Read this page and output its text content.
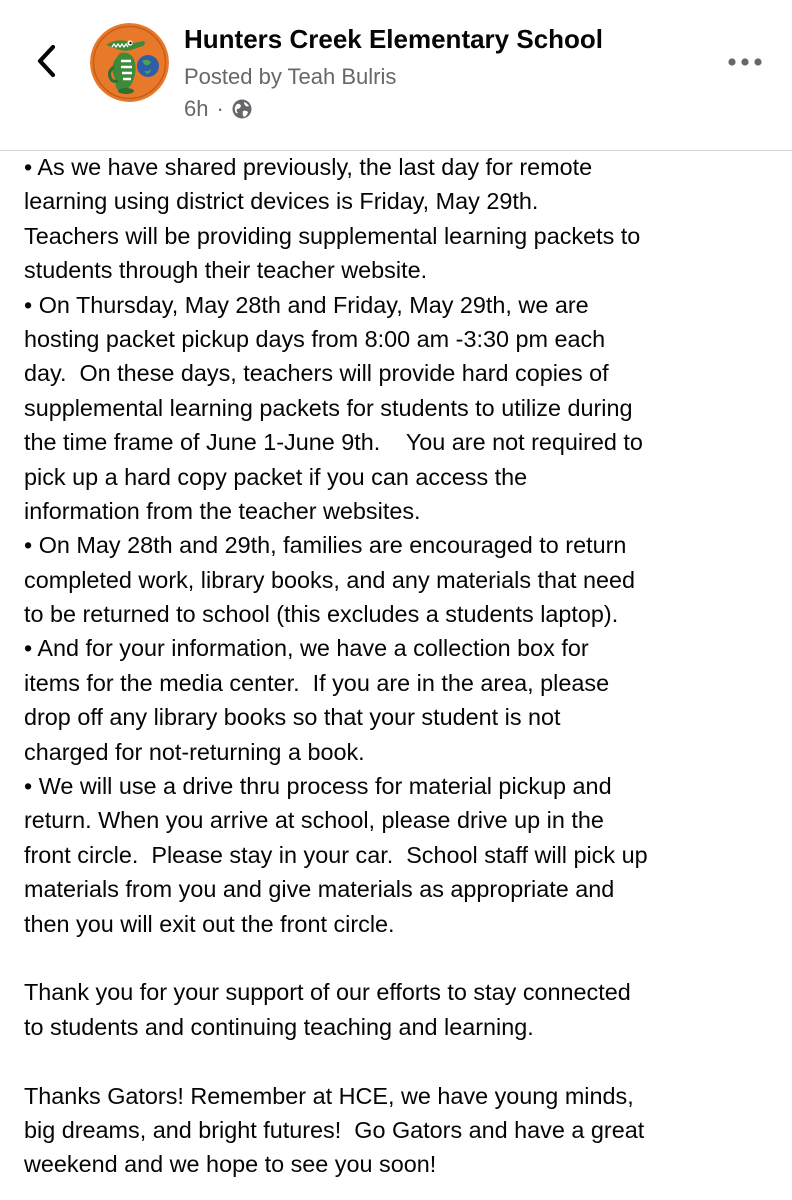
Hunters Creek Elementary School
Posted by Teah Bulris
6h ·
• As we have shared previously, the last day for remote
learning using district devices is Friday, May 29th.
Teachers will be providing supplemental learning packets to
students through their teacher website.
• On Thursday, May 28th and Friday, May 29th, we are
hosting packet pickup days from 8:00 am -3:30 pm each
day.  On these days, teachers will provide hard copies of
supplemental learning packets for students to utilize during
the time frame of June 1-June 9th.    You are not required to
pick up a hard copy packet if you can access the
information from the teacher websites.
• On May 28th and 29th, families are encouraged to return
completed work, library books, and any materials that need
to be returned to school (this excludes a students laptop).
• And for your information, we have a collection box for
items for the media center.  If you are in the area, please
drop off any library books so that your student is not
charged for not-returning a book.
• We will use a drive thru process for material pickup and
return. When you arrive at school, please drive up in the
front circle.  Please stay in your car.  School staff will pick up
materials from you and give materials as appropriate and
then you will exit out the front circle.
Thank you for your support of our efforts to stay connected
to students and continuing teaching and learning.
Thanks Gators! Remember at HCE, we have young minds,
big dreams, and bright futures!  Go Gators and have a great
weekend and we hope to see you soon!
